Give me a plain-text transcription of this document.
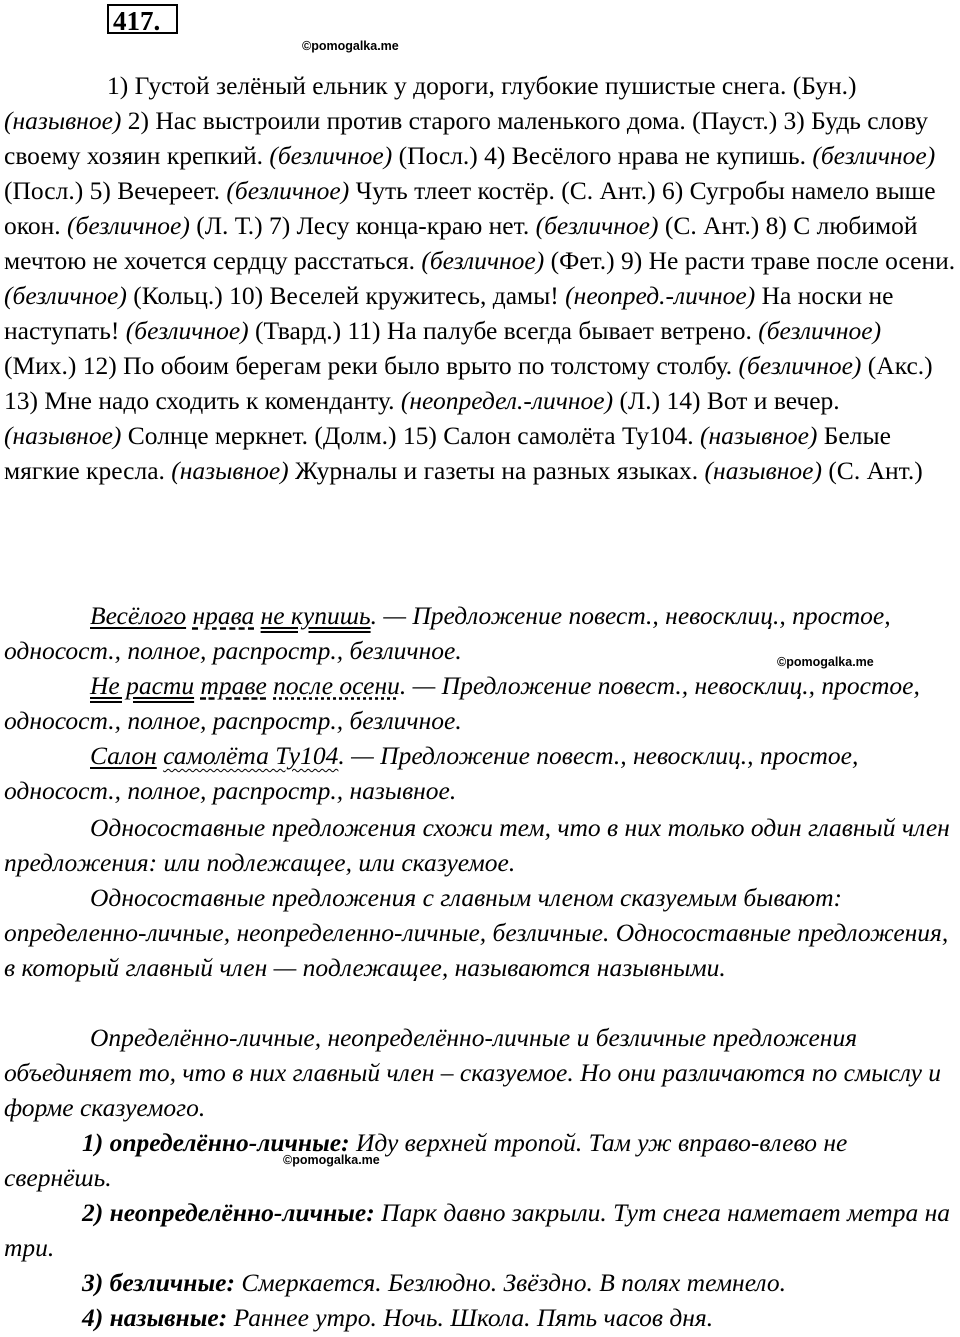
417.
©pomogalka.me

1) Густой зелёный ельник у дороги, глубокие пушистые снега. (Бун.) (назывное) 2) Нас выстроили против старого маленького дома. (Пауст.) 3) Будь слову своему хозяин крепкий. (безличное) (Посл.) 4) Весёлого нрава не купишь. (безличное) (Посл.) 5) Вечереет. (безличное) Чуть тлеет костёр. (С. Ант.) 6) Сугробы намело выше окон. (безличное) (Л. Т.) 7) Лесу конца-краю нет. (безличное) (С. Ант.) 8) С любимой мечтою не хочется сердцу расстаться. (безличное) (Фет.) 9) Не расти траве после осени. (безличное) (Кольц.) 10) Веселей кружитесь, дамы! (неопред.-личное) На носки не наступать! (безличное) (Твард.) 11) На палубе всегда бывает ветрено. (безличное) (Мих.) 12) По обоим берегам реки было врыто по толстому столбу. (безличное) (Акс.) 13) Мне надо сходить к коменданту. (неопредел.-личное) (Л.) 14) Вот и вечер. (назывное) Солнце меркнет. (Долм.) 15) Салон самолёта Ту104. (назывное) Белые мягкие кресла. (назывное) Журналы и газеты на разных языках. (назывное) (С. Ант.)

Весёлого нрава не купишь. — Предложение повест., невосклиц., простое, односост., полное, распростр., безличное.	©pomogalka.me

Не расти траве после осени. — Предложение повест., невосклиц., простое, односост., полное, распростр., безличное.

Салон самолёта Ту104. — Предложение повест., невосклиц., простое, односост., полное, распростр., назывное.

Односоставные предложения схожи тем, что в них только один главный член предложения: или подлежащее, или сказуемое.

Односоставные предложения с главным членом сказуемым бывают: определенно-личные, неопределенно-личные, безличные. Односоставные предложения, в который главный член — подлежащее, называются назывными.

Определённо-личные, неопределённо-личные и безличные предложения объединяет то, что в них главный член – сказуемое. Но они различаются по смыслу и форме сказуемого.

1) определённо-личные: Иду верхней тропой. Там уж вправо-влево не свернёшь.

©pomogalka.me

2) неопределённо-личные: Парк давно закрыли. Тут снега наметает метра на три.

3) безличные: Смеркается. Безлюдно. Звёздно. В полях темнело.

4) назывные: Раннее утро. Ночь. Школа. Пять часов дня.
